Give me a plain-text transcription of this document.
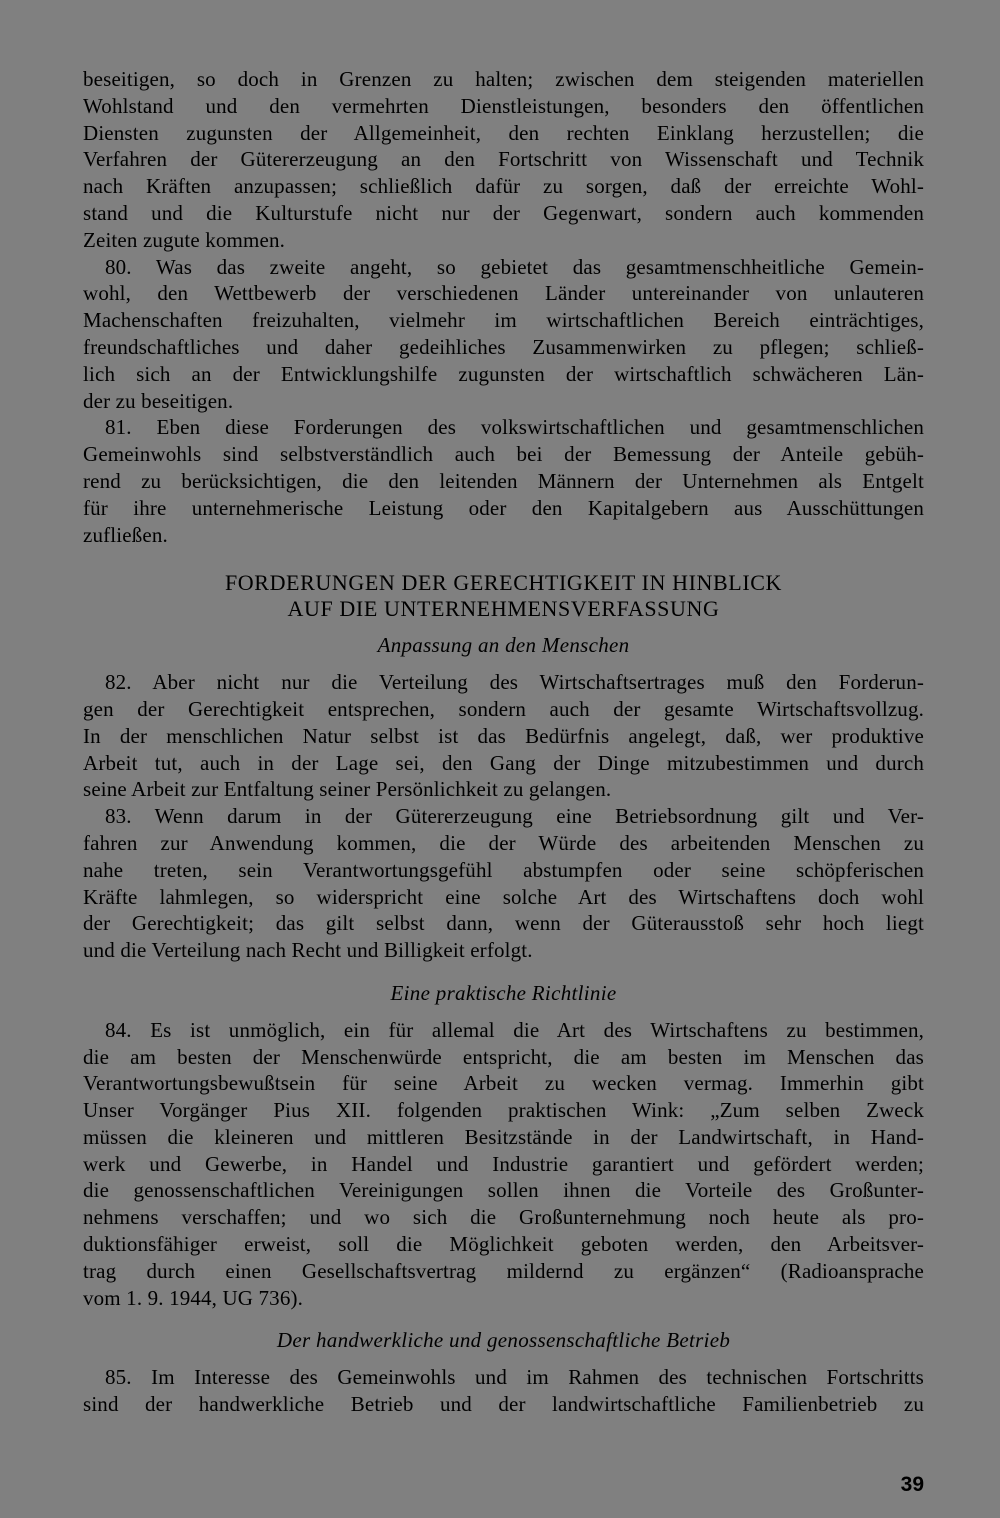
beseitigen, so doch in Grenzen zu halten; zwischen dem steigenden materiellen
Wohlstand und den vermehrten Dienstleistungen, besonders den öffentlichen
Diensten zugunsten der Allgemeinheit, den rechten Einklang herzustellen; die
Verfahren der Gütererzeugung an den Fortschritt von Wissenschaft und Technik
nach Kräften anzupassen; schließlich dafür zu sorgen, daß der erreichte Wohl-
stand und die Kulturstufe nicht nur der Gegenwart, sondern auch kommenden
Zeiten zugute kommen.
80. Was das zweite angeht, so gebietet das gesamtmenschheitliche Gemein-
wohl, den Wettbewerb der verschiedenen Länder untereinander von unlauteren
Machenschaften freizuhalten, vielmehr im wirtschaftlichen Bereich einträchtiges,
freundschaftliches und daher gedeihliches Zusammenwirken zu pflegen; schließ-
lich sich an der Entwicklungshilfe zugunsten der wirtschaftlich schwächeren Län-
der zu beseitigen.
81. Eben diese Forderungen des volkswirtschaftlichen und gesamtmenschlichen
Gemeinwohls sind selbstverständlich auch bei der Bemessung der Anteile gebüh-
rend zu berücksichtigen, die den leitenden Männern der Unternehmen als Entgelt
für ihre unternehmerische Leistung oder den Kapitalgebern aus Ausschüttungen
zufließen.
FORDERUNGEN DER GERECHTIGKEIT IN HINBLICK
AUF DIE UNTERNEHMENSVERFASSUNG
Anpassung an den Menschen
82. Aber nicht nur die Verteilung des Wirtschaftsertrages muß den Forderun-
gen der Gerechtigkeit entsprechen, sondern auch der gesamte Wirtschaftsvollzug.
In der menschlichen Natur selbst ist das Bedürfnis angelegt, daß, wer produktive
Arbeit tut, auch in der Lage sei, den Gang der Dinge mitzubestimmen und durch
seine Arbeit zur Entfaltung seiner Persönlichkeit zu gelangen.
83. Wenn darum in der Gütererzeugung eine Betriebsordnung gilt und Ver-
fahren zur Anwendung kommen, die der Würde des arbeitenden Menschen zu
nahe treten, sein Verantwortungsgefühl abstumpfen oder seine schöpferischen
Kräfte lahmlegen, so widerspricht eine solche Art des Wirtschaftens doch wohl
der Gerechtigkeit; das gilt selbst dann, wenn der Güterausstoß sehr hoch liegt
und die Verteilung nach Recht und Billigkeit erfolgt.
Eine praktische Richtlinie
84. Es ist unmöglich, ein für allemal die Art des Wirtschaftens zu bestimmen,
die am besten der Menschenwürde entspricht, die am besten im Menschen das
Verantwortungsbewußtsein für seine Arbeit zu wecken vermag. Immerhin gibt
Unser Vorgänger Pius XII. folgenden praktischen Wink: „Zum selben Zweck
müssen die kleineren und mittleren Besitzstände in der Landwirtschaft, in Hand-
werk und Gewerbe, in Handel und Industrie garantiert und gefördert werden;
die genossenschaftlichen Vereinigungen sollen ihnen die Vorteile des Großunter-
nehmens verschaffen; und wo sich die Großunternehmung noch heute als pro-
duktionsfähiger erweist, soll die Möglichkeit geboten werden, den Arbeitsver-
trag durch einen Gesellschaftsvertrag mildernd zu ergänzen“ (Radioansprache
vom 1. 9. 1944, UG 736).
Der handwerkliche und genossenschaftliche Betrieb
85. Im Interesse des Gemeinwohls und im Rahmen des technischen Fortschritts
sind der handwerkliche Betrieb und der landwirtschaftliche Familienbetrieb zu
39
